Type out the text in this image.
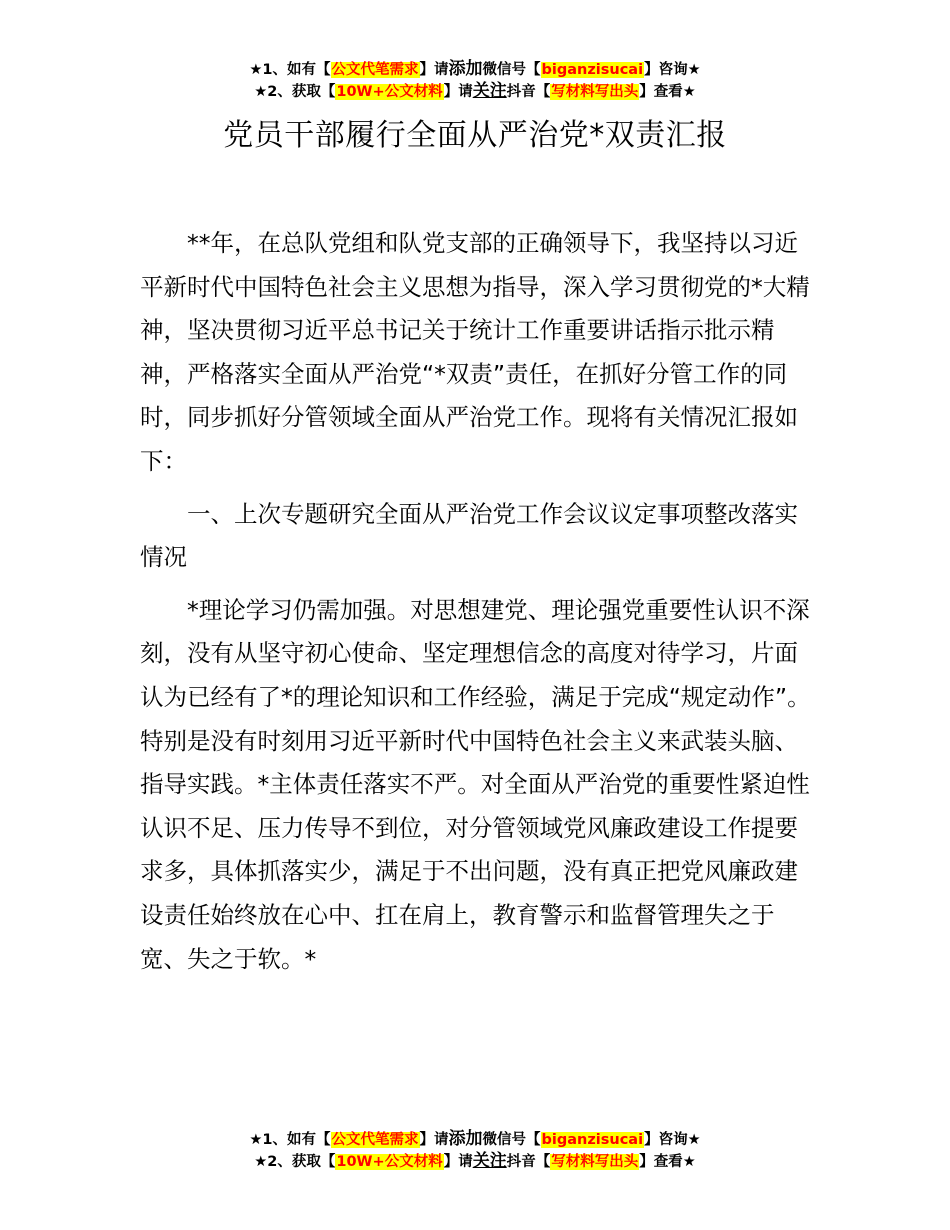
★1、如有【公文代笔需求】请添加微信号【biganzisucai】咨询★
★2、获取【10W+公文材料】请关注抖音【写材料写出头】查看★
党员干部履行全面从严治党*双责汇报

**年，在总队党组和队党支部的正确领导下，我坚持以习近平新时代中国特色社会主义思想为指导，深入学习贯彻党的*大精神，坚决贯彻习近平总书记关于统计工作重要讲话指示批示精神，严格落实全面从严治党“*双责”责任，在抓好分管工作的同时，同步抓好分管领域全面从严治党工作。现将有关情况汇报如下：

一、上次专题研究全面从严治党工作会议议定事项整改落实情况

*理论学习仍需加强。对思想建党、理论强党重要性认识不深刻，没有从坚守初心使命、坚定理想信念的高度对待学习，片面认为已经有了*的理论知识和工作经验，满足于完成“规定动作”。特别是没有时刻用习近平新时代中国特色社会主义来武装头脑、指导实践。*主体责任落实不严。对全面从严治党的重要性紧迫性认识不足、压力传导不到位，对分管领域党风廉政建设工作提要求多，具体抓落实少，满足于不出问题，没有真正把党风廉政建设责任始终放在心中、扛在肩上，教育警示和监督管理失之于宽、失之于软。*

★1、如有【公文代笔需求】请添加微信号【biganzisucai】咨询★
★2、获取【10W+公文材料】请关注抖音【写材料写出头】查看★
